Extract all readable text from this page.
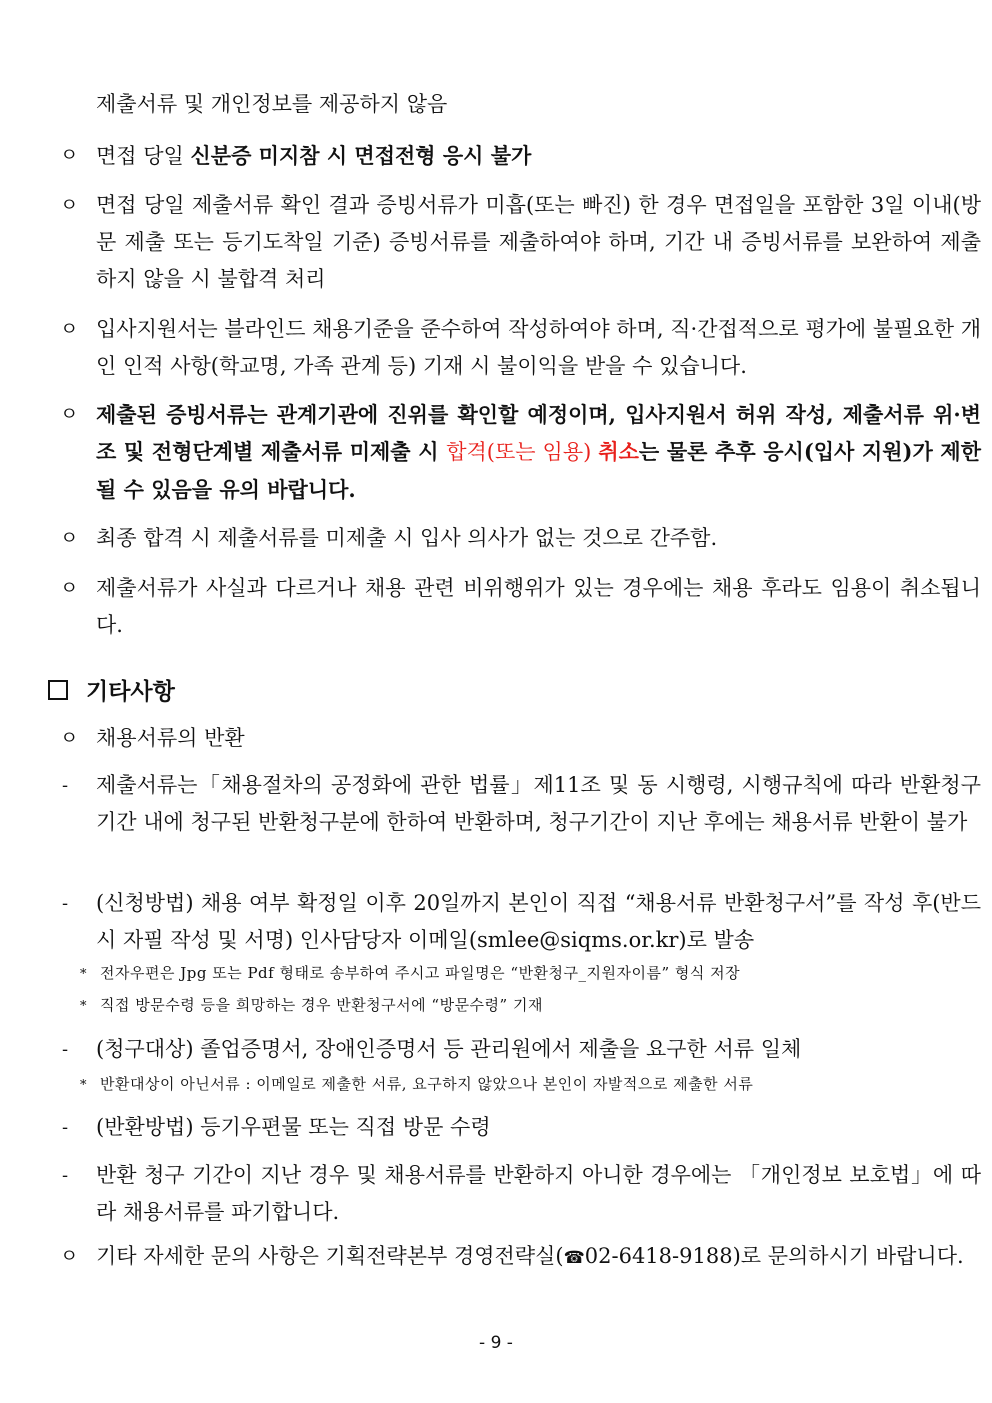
제출서류 및 개인정보를 제공하지 않음
ㅇ 면접 당일 신분증 미지참 시 면접전형 응시 불가
ㅇ 면접 당일 제출서류 확인 결과 증빙서류가 미흡(또는 빠진) 한 경우 면접일을 포함한 3일 이내(방문 제출 또는 등기도착일 기준) 증빙서류를 제출하여야 하며, 기간 내 증빙서류를 보완하여 제출하지 않을 시 불합격 처리
ㅇ 입사지원서는 블라인드 채용기준을 준수하여 작성하여야 하며, 직·간접적으로 평가에 불필요한 개인 인적 사항(학교명, 가족 관계 등) 기재 시 불이익을 받을 수 있습니다.
ㅇ 제출된 증빙서류는 관계기관에 진위를 확인할 예정이며, 입사지원서 허위 작성, 제출서류 위·변조 및 전형단계별 제출서류 미제출 시 합격(또는 임용) 취소는 물론 추후 응시(입사 지원)가 제한될 수 있음을 유의 바랍니다.
ㅇ 최종 합격 시 제출서류를 미제출 시 입사 의사가 없는 것으로 간주함.
ㅇ 제출서류가 사실과 다르거나 채용 관련 비위행위가 있는 경우에는 채용 후라도 임용이 취소됩니다.
기타사항
ㅇ 채용서류의 반환
-	제출서류는「채용절차의 공정화에 관한 법률」제11조 및 동 시행령, 시행규칙에 따라 반환청구기간 내에 청구된 반환청구분에 한하여 반환하며, 청구기간이 지난 후에는 채용서류 반환이 불가
-	(신청방법) 채용 여부 확정일 이후 20일까지 본인이 직접 “채용서류 반환청구서”를 작성 후(반드시 자필 작성 및 서명) 인사담당자 이메일(smlee@siqms.or.kr)로 발송
* 전자우편은 Jpg 또는 Pdf 형태로 송부하여 주시고 파일명은 “반환청구_지원자이름” 형식 저장
* 직접 방문수령 등을 희망하는 경우 반환청구서에 “방문수령” 기재
-	(청구대상) 졸업증명서, 장애인증명서 등 관리원에서 제출을 요구한 서류 일체
* 반환대상이 아닌서류 : 이메일로 제출한 서류, 요구하지 않았으나 본인이 자발적으로 제출한 서류
-	(반환방법) 등기우편물 또는 직접 방문 수령
-	반환 청구 기간이 지난 경우 및 채용서류를 반환하지 아니한 경우에는 「개인정보 보호법」에 따라 채용서류를 파기합니다.
ㅇ 기타 자세한 문의 사항은 기획전략본부 경영전략실(☎02-6418-9188)로 문의하시기 바랍니다.
- 9 -
